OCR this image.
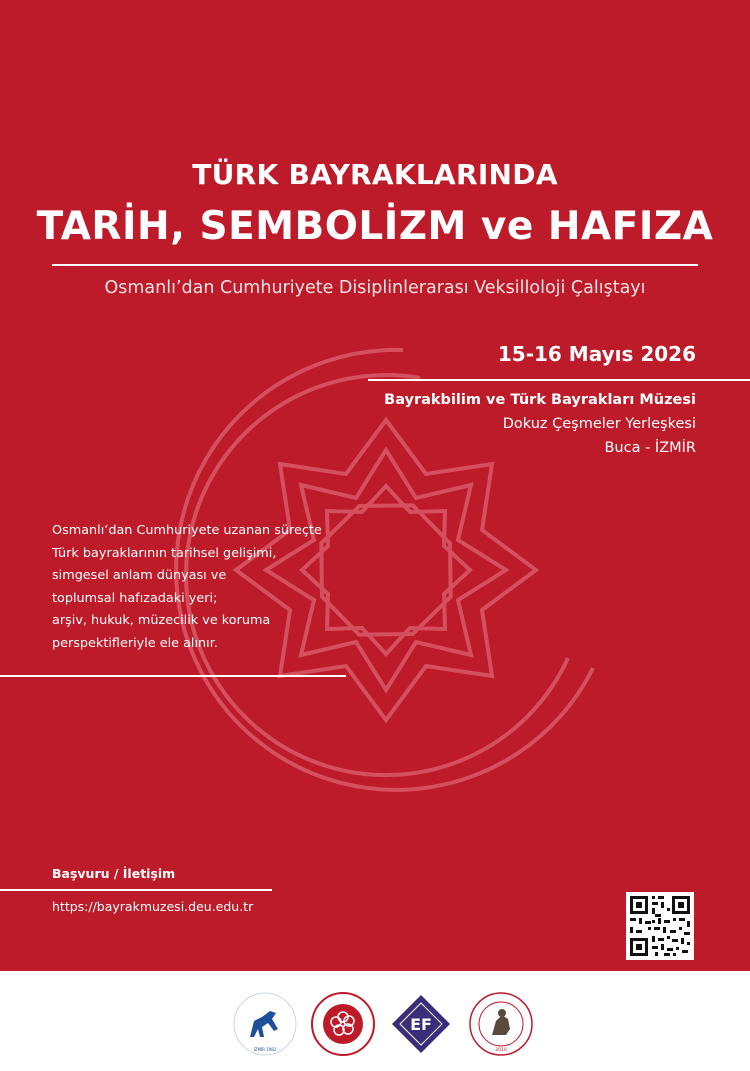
TÜRK BAYRAKLARINDA
TARİH, SEMBOLİZM ve HAFIZA
Osmanlı’dan Cumhuriyete Disiplinlerarası Veksilloloji Çalıştayı
15-16 Mayıs 2026
Bayrakbilim ve Türk Bayrakları Müzesi
Dokuz Çeşmeler Yerleşkesi
Buca - İZMİR
Osmanlı’dan Cumhuriyete uzanan süreçte
Türk bayraklarının tarihsel gelişimi,
simgesel anlam dünyası ve
toplumsal hafızadaki yeri;
arşiv, hukuk, müzecilik ve koruma
perspektifleriyle ele alınır.
Başvuru / İletişim
https://bayrakmuzesi.deu.edu.tr
İZMİR 1982
EF
2010
